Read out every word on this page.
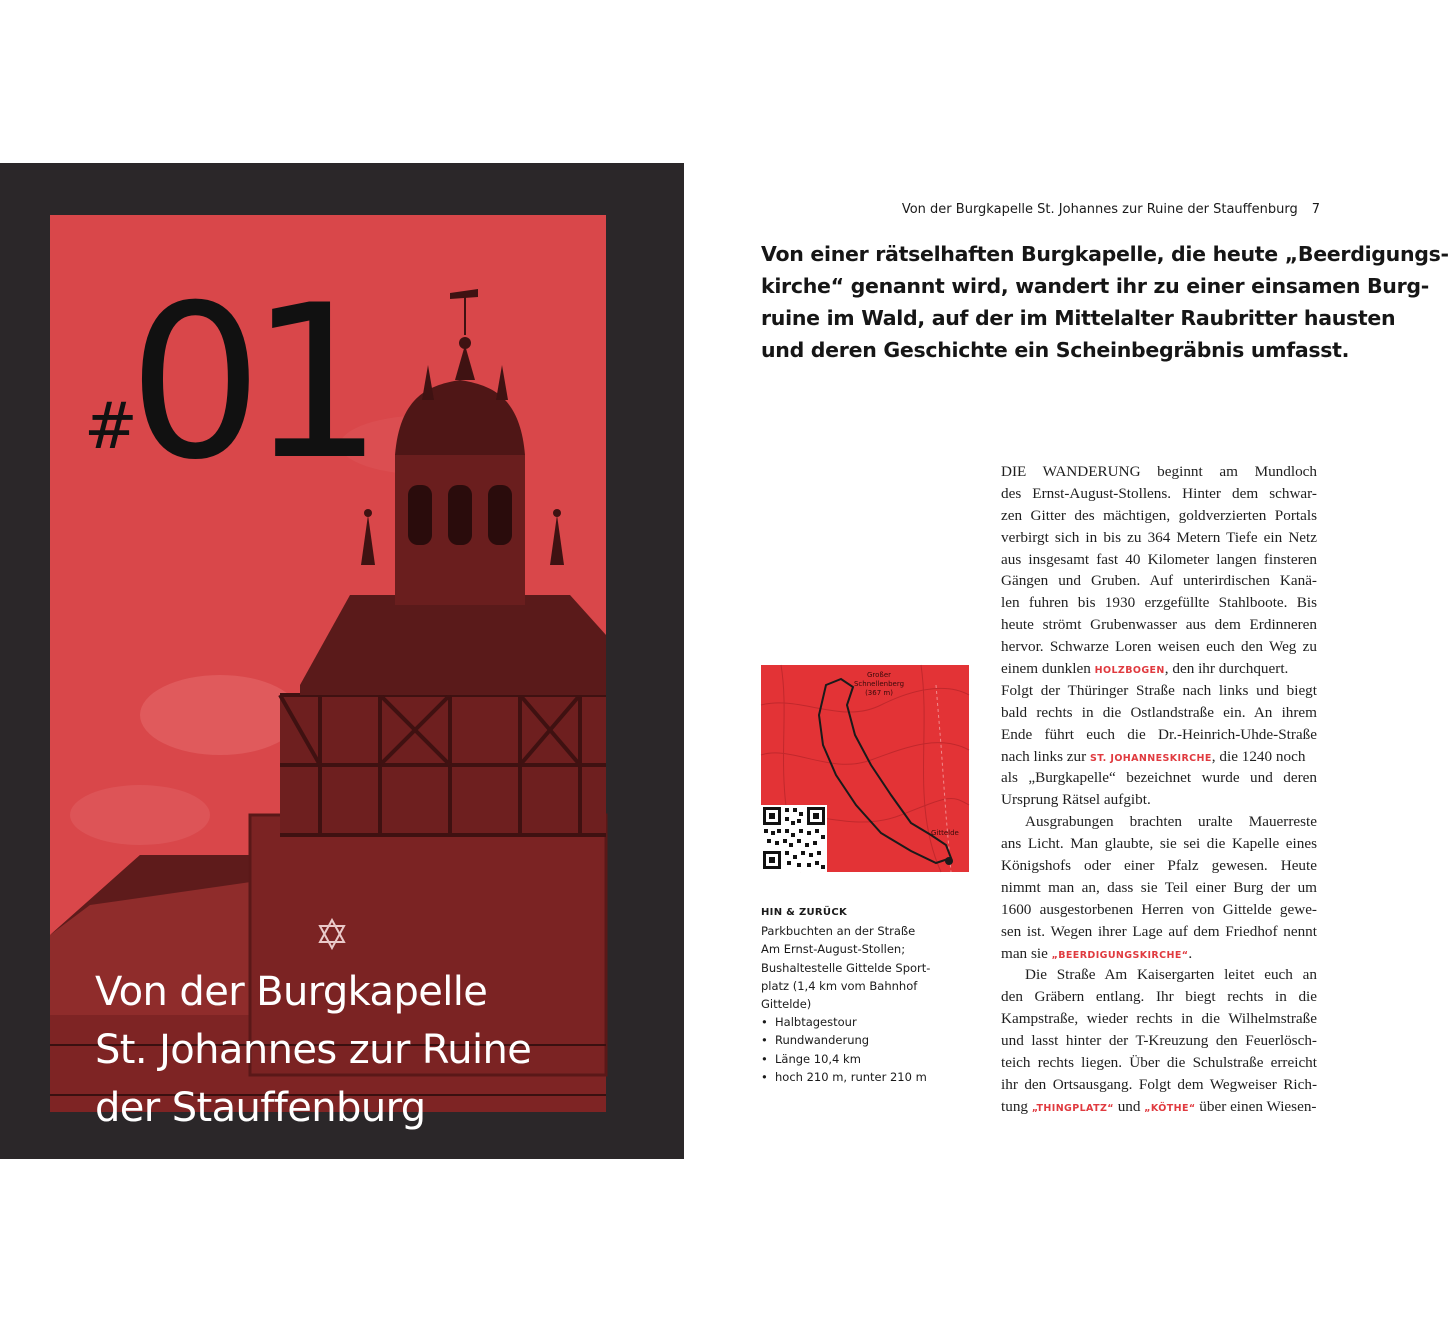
#
01
Von der Burgkapelle
St. Johannes zur Ruine
der Stauffenburg
Von der Burgkapelle St. Johannes zur Ruine der Stauffenburg 7
Von einer rätselhaften Burgkapelle, die heute „Beerdigungs-
kirche“ genannt wird, wandert ihr zu einer einsamen Burg-
ruine im Wald, auf der im Mittelalter Raubritter hausten
und deren Geschichte ein Scheinbegräbnis umfasst.
DIE WANDERUNG beginnt am Mundloch
des Ernst-August-Stollens. Hinter dem schwar-
zen Gitter des mächtigen, goldverzierten Portals
verbirgt sich in bis zu 364 Metern Tiefe ein Netz
aus insgesamt fast 40 Kilometer langen finsteren
Gängen und Gruben. Auf unterirdischen Kanä-
len fuhren bis 1930 erzgefüllte Stahlboote. Bis
heute strömt Grubenwasser aus dem Erdinneren
hervor. Schwarze Loren weisen euch den Weg zu
einem dunklen HOLZBOGEN, den ihr durchquert.
Folgt der Thüringer Straße nach links und biegt
bald rechts in die Ostlandstraße ein. An ihrem
Ende führt euch die Dr.-Heinrich-Uhde-Straße
nach links zur ST. JOHANNESKIRCHE, die 1240 noch
als „Burgkapelle“ bezeichnet wurde und deren
Ursprung Rätsel aufgibt.
Ausgrabungen brachten uralte Mauerreste
ans Licht. Man glaubte, sie sei die Kapelle eines
Königshofs oder einer Pfalz gewesen. Heute
nimmt man an, dass sie Teil einer Burg der um
1600 ausgestorbenen Herren von Gittelde gewe-
sen ist. Wegen ihrer Lage auf dem Friedhof nennt
man sie „BEERDIGUNGSKIRCHE“.
Die Straße Am Kaisergarten leitet euch an
den Gräbern entlang. Ihr biegt rechts in die
Kampstraße, wieder rechts in die Wilhelmstraße
und lasst hinter der T-Kreuzung den Feuerlösch-
teich rechts liegen. Über die Schulstraße erreicht
ihr den Ortsausgang. Folgt dem Wegweiser Rich-
tung „THINGPLATZ“ und „KÖTHE“ über einen Wiesen-
Großer
Schnellenberg
(367 m)
Gittelde
HIN & ZURÜCK
Parkbuchten an der Straße
Am Ernst-August-Stollen;
Bushaltestelle Gittelde Sport-
platz (1,4 km vom Bahnhof
Gittelde)
• Halbtagestour
• Rundwanderung
• Länge 10,4 km
• hoch 210 m, runter 210 m
